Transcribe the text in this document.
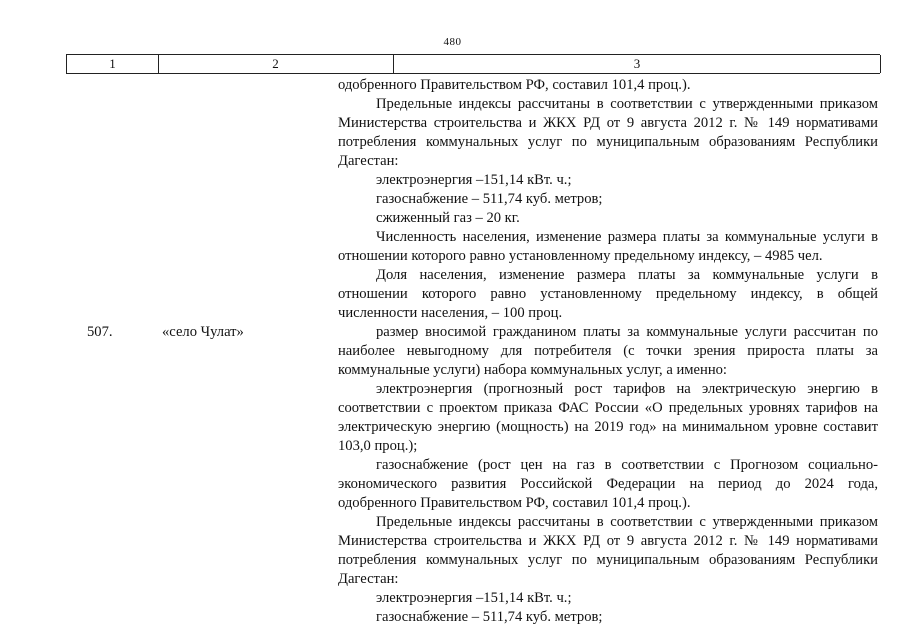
480
1	2	3
одобренного Правительством РФ, составил 101,4 проц.).
Предельные индексы рассчитаны в соответствии с утвержденными приказом
Министерства строительства и ЖКХ РД от 9 августа 2012 г. № 149 нормативами
потребления коммунальных услуг по муниципальным образованиям Республики
Дагестан:
электроэнергия –151,14 кВт. ч.;
газоснабжение – 511,74 куб. метров;
сжиженный газ – 20 кг.
Численность населения, изменение размера платы за коммунальные услуги в
отношении которого равно установленному предельному индексу, – 4985 чел.
Доля населения, изменение размера платы за коммунальные услуги в
отношении которого равно установленному предельному индексу, в общей
численности населения, – 100 проц.
507.	«село Чулат»	размер вносимой гражданином платы за коммунальные услуги рассчитан по
наиболее невыгодному для потребителя (с точки зрения прироста платы за
коммунальные услуги) набора коммунальных услуг, а именно:
электроэнергия (прогнозный рост тарифов на электрическую энергию в
соответствии с проектом приказа ФАС России «О предельных уровнях тарифов на
электрическую энергию (мощность) на 2019 год» на минимальном уровне составит
103,0 проц.);
газоснабжение (рост цен на газ в соответствии с Прогнозом социально-
экономического развития Российской Федерации на период до 2024 года,
одобренного Правительством РФ, составил 101,4 проц.).
Предельные индексы рассчитаны в соответствии с утвержденными приказом
Министерства строительства и ЖКХ РД от 9 августа 2012 г. № 149 нормативами
потребления коммунальных услуг по муниципальным образованиям Республики
Дагестан:
электроэнергия –151,14 кВт. ч.;
газоснабжение – 511,74 куб. метров;
